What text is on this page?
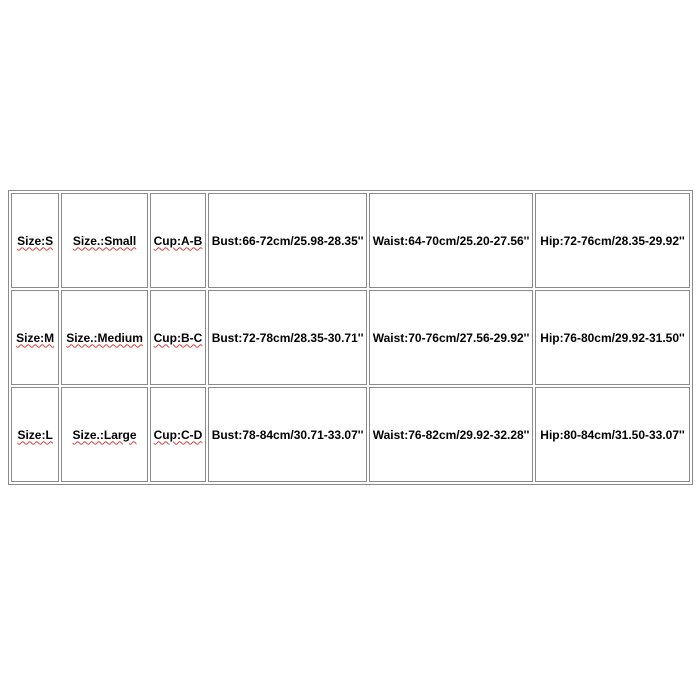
Size:S	Size.:Small	Cup:A-B	Bust:66-72cm/25.98-28.35''	Waist:64-70cm/25.20-27.56''	Hip:72-76cm/28.35-29.92''
Size:M	Size.:Medium	Cup:B-C	Bust:72-78cm/28.35-30.71''	Waist:70-76cm/27.56-29.92''	Hip:76-80cm/29.92-31.50''
Size:L	Size.:Large	Cup:C-D	Bust:78-84cm/30.71-33.07''	Waist:76-82cm/29.92-32.28''	Hip:80-84cm/31.50-33.07''
